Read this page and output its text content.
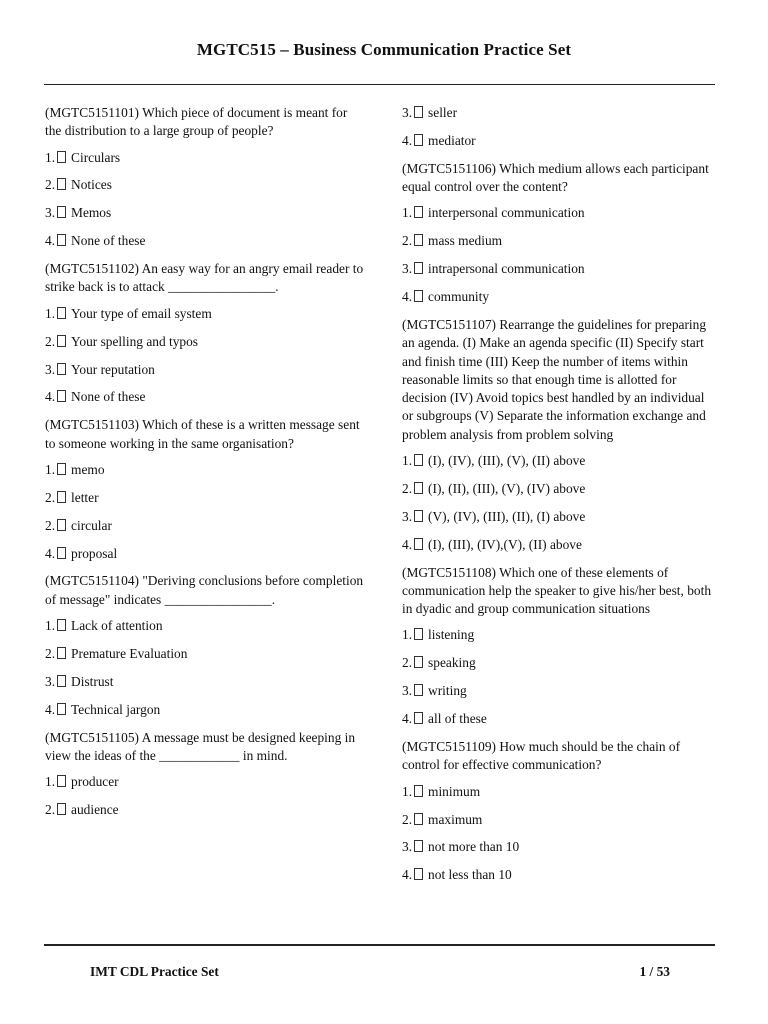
MGTC515 – Business Communication Practice Set
(MGTC5151101) Which piece of document is meant for the distribution to a large group of people?
1. Circulars
2. Notices
3. Memos
4. None of these
(MGTC5151102) An easy way for an angry email reader to strike back is to attack ________________.
1. Your type of email system
2. Your spelling and typos
3. Your reputation
4. None of these
(MGTC5151103) Which of these is a written message sent to someone working in the same organisation?
1. memo
2. letter
2. circular
4. proposal
(MGTC5151104) "Deriving conclusions before completion of message" indicates ________________.
1. Lack of attention
2. Premature Evaluation
3. Distrust
4. Technical jargon
(MGTC5151105) A message must be designed keeping in view the ideas of the ____________ in mind.
1. producer
2. audience
3. seller
4. mediator
(MGTC5151106) Which medium allows each participant equal control over the content?
1. interpersonal communication
2. mass medium
3. intrapersonal communication
4. community
(MGTC5151107) Rearrange the guidelines for preparing an agenda. (I) Make an agenda specific (II) Specify start and finish time (III) Keep the number of items within reasonable limits so that enough time is allotted for decision (IV) Avoid topics best handled by an individual or subgroups (V) Separate the information exchange and problem analysis from problem solving
1. (I), (IV), (III), (V), (II) above
2. (I), (II), (III), (V), (IV) above
3. (V), (IV), (III), (II), (I) above
4. (I), (III), (IV),(V), (II) above
(MGTC5151108) Which one of these elements of communication help the speaker to give his/her best, both in dyadic and group communication situations
1. listening
2. speaking
3. writing
4. all of these
(MGTC5151109) How much should be the chain of control for effective communication?
1. minimum
2. maximum
3. not more than 10
4. not less than 10
IMT CDL Practice Set	1 / 53
